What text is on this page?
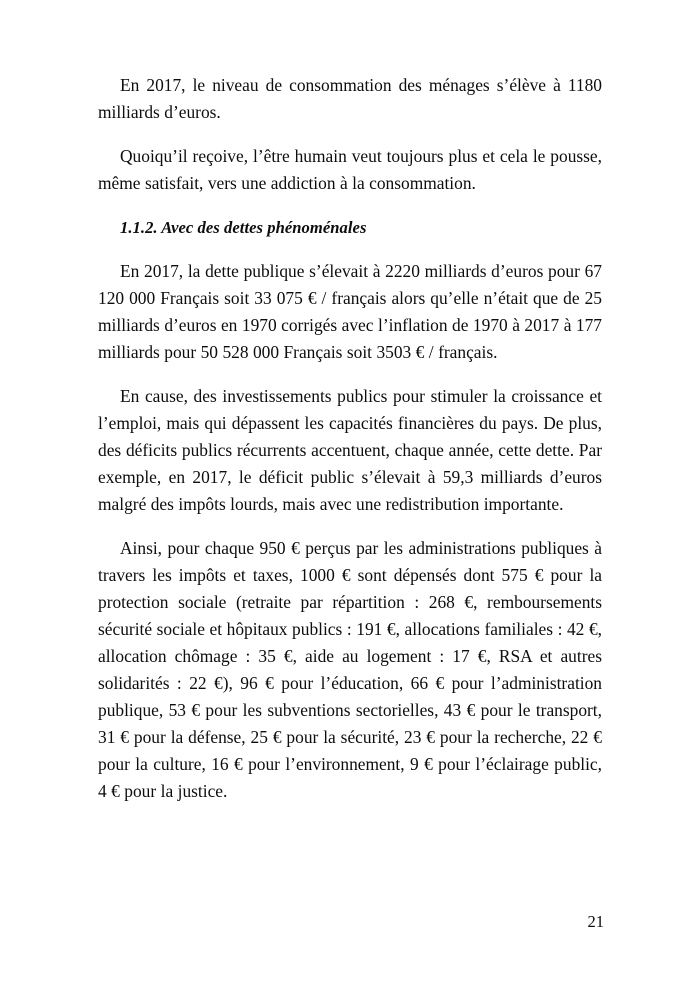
En 2017, le niveau de consommation des ménages s’élève à 1180 milliards d’euros.

Quoiqu’il reçoive, l’être humain veut toujours plus et cela le pousse, même satisfait, vers une addiction à la consommation.

1.1.2. Avec des dettes phénoménales

En 2017, la dette publique s’élevait à 2220 milliards d’euros pour 67 120 000 Français soit 33 075 € / français alors qu’elle n’était que de 25 milliards d’euros en 1970 corrigés avec l’inflation de 1970 à 2017 à 177 milliards pour 50 528 000 Français soit 3503 € / français.

En cause, des investissements publics pour stimuler la croissance et l’emploi, mais qui dépassent les capacités financières du pays. De plus, des déficits publics récurrents accentuent, chaque année, cette dette. Par exemple, en 2017, le déficit public s’élevait à 59,3 milliards d’euros malgré des impôts lourds, mais avec une redistribution importante.

Ainsi, pour chaque 950 € perçus par les administrations publiques à travers les impôts et taxes, 1000 € sont dépensés dont 575 € pour la protection sociale (retraite par répartition : 268 €, remboursements sécurité sociale et hôpitaux publics : 191 €, allocations familiales : 42 €, allocation chômage : 35 €, aide au logement : 17 €, RSA et autres solidarités : 22 €), 96 € pour l’éducation, 66 € pour l’administration publique, 53 € pour les subventions sectorielles, 43 € pour le transport, 31 € pour la défense, 25 € pour la sécurité, 23 € pour la recherche, 22 € pour la culture, 16 € pour l’environnement, 9 € pour l’éclairage public, 4 € pour la justice.

21
